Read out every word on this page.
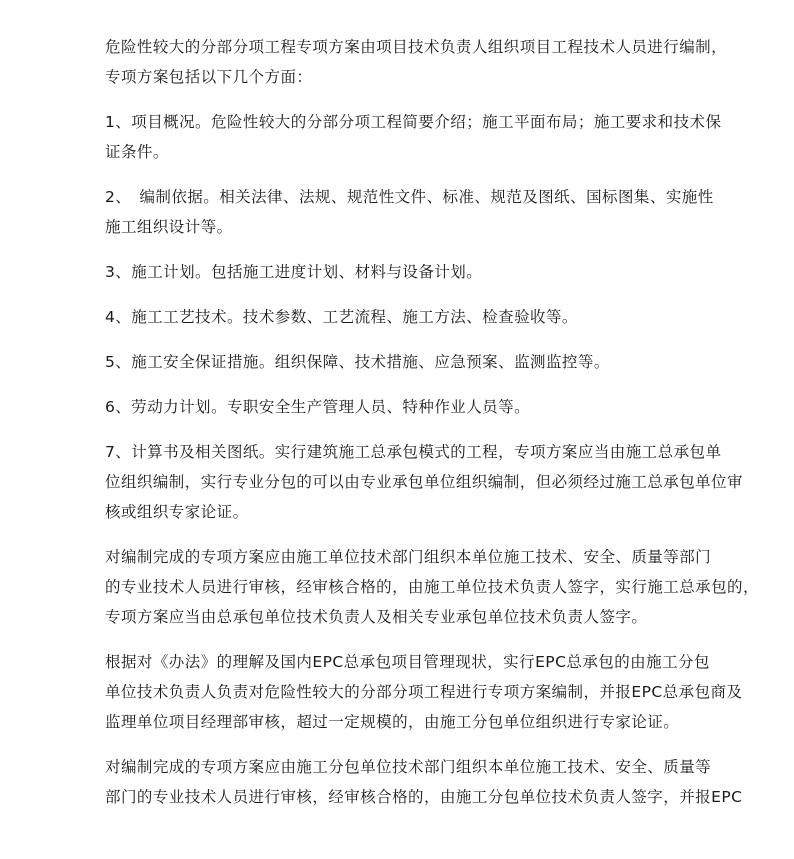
危险性较大的分部分项工程专项方案由项目技术负责人组织项目工程技术人员进行编制，
专项方案包括以下几个方面：
1、项目概况。危险性较大的分部分项工程简要介绍；施工平面布局；施工要求和技术保
证条件。
2、　编制依据。相关法律、法规、规范性文件、标准、规范及图纸、国标图集、实施性
施工组织设计等。
3、施工计划。包括施工进度计划、材料与设备计划。
4、施工工艺技术。技术参数、工艺流程、施工方法、检查验收等。
5、施工安全保证措施。组织保障、技术措施、应急预案、监测监控等。
6、劳动力计划。专职安全生产管理人员、特种作业人员等。
7、计算书及相关图纸。实行建筑施工总承包模式的工程，专项方案应当由施工总承包单
位组织编制，实行专业分包的可以由专业承包单位组织编制，但必须经过施工总承包单位审
核或组织专家论证。
对编制完成的专项方案应由施工单位技术部门组织本单位施工技术、安全、质量等部门
的专业技术人员进行审核，经审核合格的，由施工单位技术负责人签字，实行施工总承包的，
专项方案应当由总承包单位技术负责人及相关专业承包单位技术负责人签字。
根据对《办法》的理解及国内EPC总承包项目管理现状，实行EPC总承包的由施工分包
单位技术负责人负责对危险性较大的分部分项工程进行专项方案编制，并报EPC总承包商及
监理单位项目经理部审核，超过一定规模的，由施工分包单位组织进行专家论证。
对编制完成的专项方案应由施工分包单位技术部门组织本单位施工技术、安全、质量等
部门的专业技术人员进行审核，经审核合格的，由施工分包单位技术负责人签字，并报EPC
